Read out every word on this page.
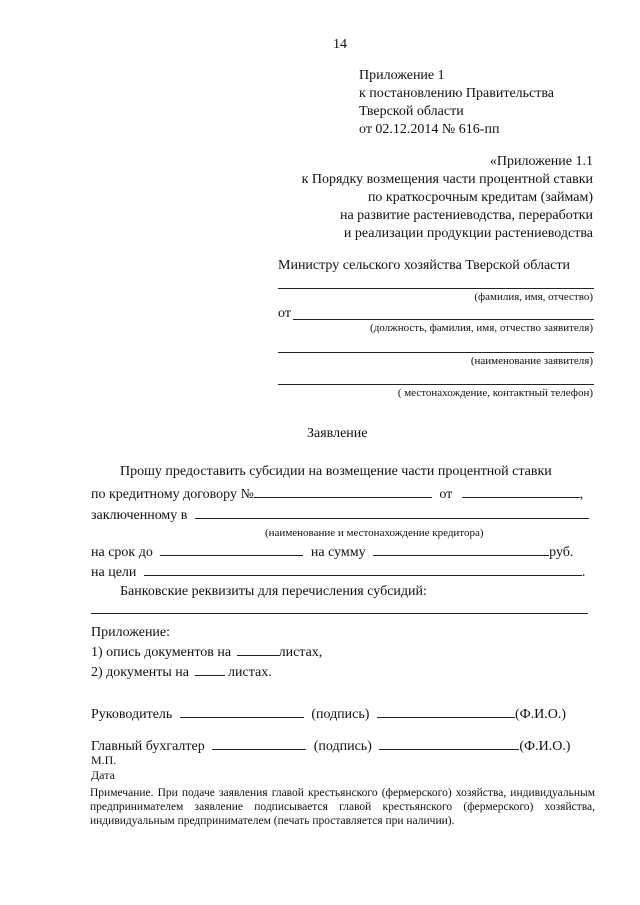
14
Приложение 1
к постановлению Правительства
Тверской области
от 02.12.2014 № 616-пп
«Приложение 1.1
к Порядку возмещения части процентной ставки
по краткосрочным кредитам (займам)
на развитие растениеводства, переработки
и реализации продукции растениеводства
Министру сельского хозяйства Тверской области
(фамилия, имя, отчество)
от
(должность, фамилия, имя, отчество заявителя)
(наименование заявителя)
( местонахождение, контактный телефон)
Заявление
Прошу предоставить субсидии на возмещение части процентной ставки
по кредитному договору №	от	,
заключенному в
(наименование и местонахождение кредитора)
на срок до	на сумму	руб.
на цели	.
Банковские реквизиты для перечисления субсидий:
Приложение:
1) опись документов на	листах,
2) документы на	листах.
Руководитель	(подпись)	(Ф.И.О.)
Главный бухгалтер	(подпись)	(Ф.И.О.)
М.П.
Дата
Примечание. При подаче заявления главой крестьянского (фермерского) хозяйства, индивидуальным предпринимателем заявление подписывается главой крестьянского (фермерского) хозяйства, индивидуальным предпринимателем (печать проставляется при наличии).
